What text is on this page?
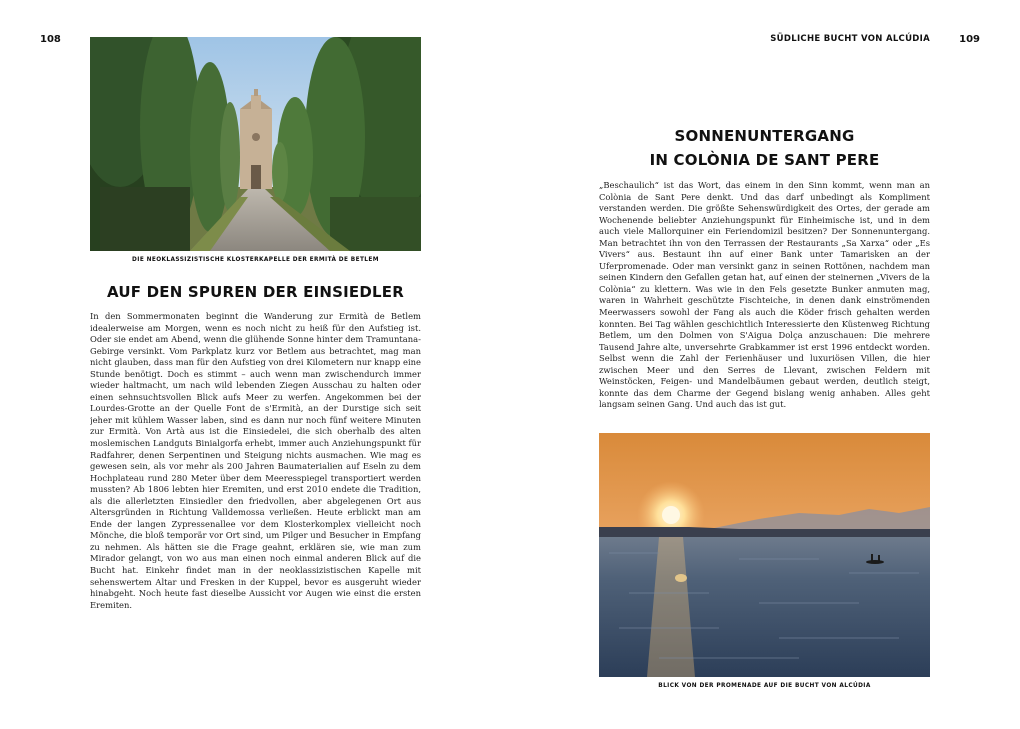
108	109
SÜDLICHE BUCHT VON ALCÚDIA
DIE NEOKLASSIZISTISCHE KLOSTERKAPELLE DER ERMITÀ DE BETLEM
AUF DEN SPUREN DER EINSIEDLER
In den Sommermonaten beginnt die Wanderung zur Ermità de Betlem idealerweise am Morgen, wenn es noch nicht zu heiß für den Aufstieg ist. Oder sie endet am Abend, wenn die glühende Sonne hinter dem Tramuntana-Gebirge versinkt. Vom Parkplatz kurz vor Betlem aus betrachtet, mag man nicht glauben, dass man für den Aufstieg von drei Kilometern nur knapp eine Stunde benötigt. Doch es stimmt – auch wenn man zwischendurch immer wieder haltmacht, um nach wild lebenden Ziegen Ausschau zu halten oder einen sehnsuchtsvollen Blick aufs Meer zu werfen. Angekommen bei der Lourdes-Grotte an der Quelle Font de s'Ermità, an der Durstige sich seit jeher mit kühlem Wasser laben, sind es dann nur noch fünf weitere Minuten zur Ermità. Von Artà aus ist die Einsiedelei, die sich oberhalb des alten moslemischen Landguts Binialgorfa erhebt, immer auch Anziehungspunkt für Radfahrer, denen Serpentinen und Steigung nichts ausmachen. Wie mag es gewesen sein, als vor mehr als 200 Jahren Baumaterialien auf Eseln zu dem Hochplateau rund 280 Meter über dem Meeresspiegel transportiert werden mussten? Ab 1806 lebten hier Eremiten, und erst 2010 endete die Tradition, als die allerletzten Einsiedler den friedvollen, aber abgelegenen Ort aus Altersgründen in Richtung Valldemossa verließen. Heute erblickt man am Ende der langen Zypressenallee vor dem Klosterkomplex vielleicht noch Mönche, die bloß temporär vor Ort sind, um Pilger und Besucher in Empfang zu nehmen. Als hätten sie die Frage geahnt, erklären sie, wie man zum Mirador gelangt, von wo aus man einen noch einmal anderen Blick auf die Bucht hat. Einkehr findet man in der neoklassizistischen Kapelle mit sehenswertem Altar und Fresken in der Kuppel, bevor es ausgeruht wieder hinabgeht. Noch heute fast dieselbe Aussicht vor Augen wie einst die ersten Eremiten.
SONNENUNTERGANG
IN COLÒNIA DE SANT PERE
„Beschaulich“ ist das Wort, das einem in den Sinn kommt, wenn man an Colònia de Sant Pere denkt. Und das darf unbedingt als Kompliment verstanden werden. Die größte Sehenswürdigkeit des Ortes, der gerade am Wochenende beliebter Anziehungspunkt für Einheimische ist, und in dem auch viele Mallorquiner ein Feriendomizil besitzen? Der Sonnenuntergang. Man betrachtet ihn von den Terrassen der Restaurants „Sa Xarxa“ oder „Es Vivers“ aus. Bestaunt ihn auf einer Bank unter Tamarisken an der Uferpromenade. Oder man versinkt ganz in seinen Rottönen, nachdem man seinen Kindern den Gefallen getan hat, auf einen der steinernen „Vivers de la Colònia“ zu klettern. Was wie in den Fels gesetzte Bunker anmuten mag, waren in Wahrheit geschützte Fischteiche, in denen dank einströmenden Meerwassers sowohl der Fang als auch die Köder frisch gehalten werden konnten. Bei Tag wählen geschichtlich Interessierte den Küstenweg Richtung Betlem, um den Dolmen von S'Aigua Dolça anzuschauen: Die mehrere Tausend Jahre alte, unversehrte Grabkammer ist erst 1996 entdeckt worden. Selbst wenn die Zahl der Ferienhäuser und luxuriösen Villen, die hier zwischen Meer und den Serres de Llevant, zwischen Feldern mit Weinstöcken, Feigen- und Mandelbäumen gebaut werden, deutlich steigt, konnte das dem Charme der Gegend bislang wenig anhaben. Alles geht langsam seinen Gang. Und auch das ist gut.
BLICK VON DER PROMENADE AUF DIE BUCHT VON ALCÚDIA
